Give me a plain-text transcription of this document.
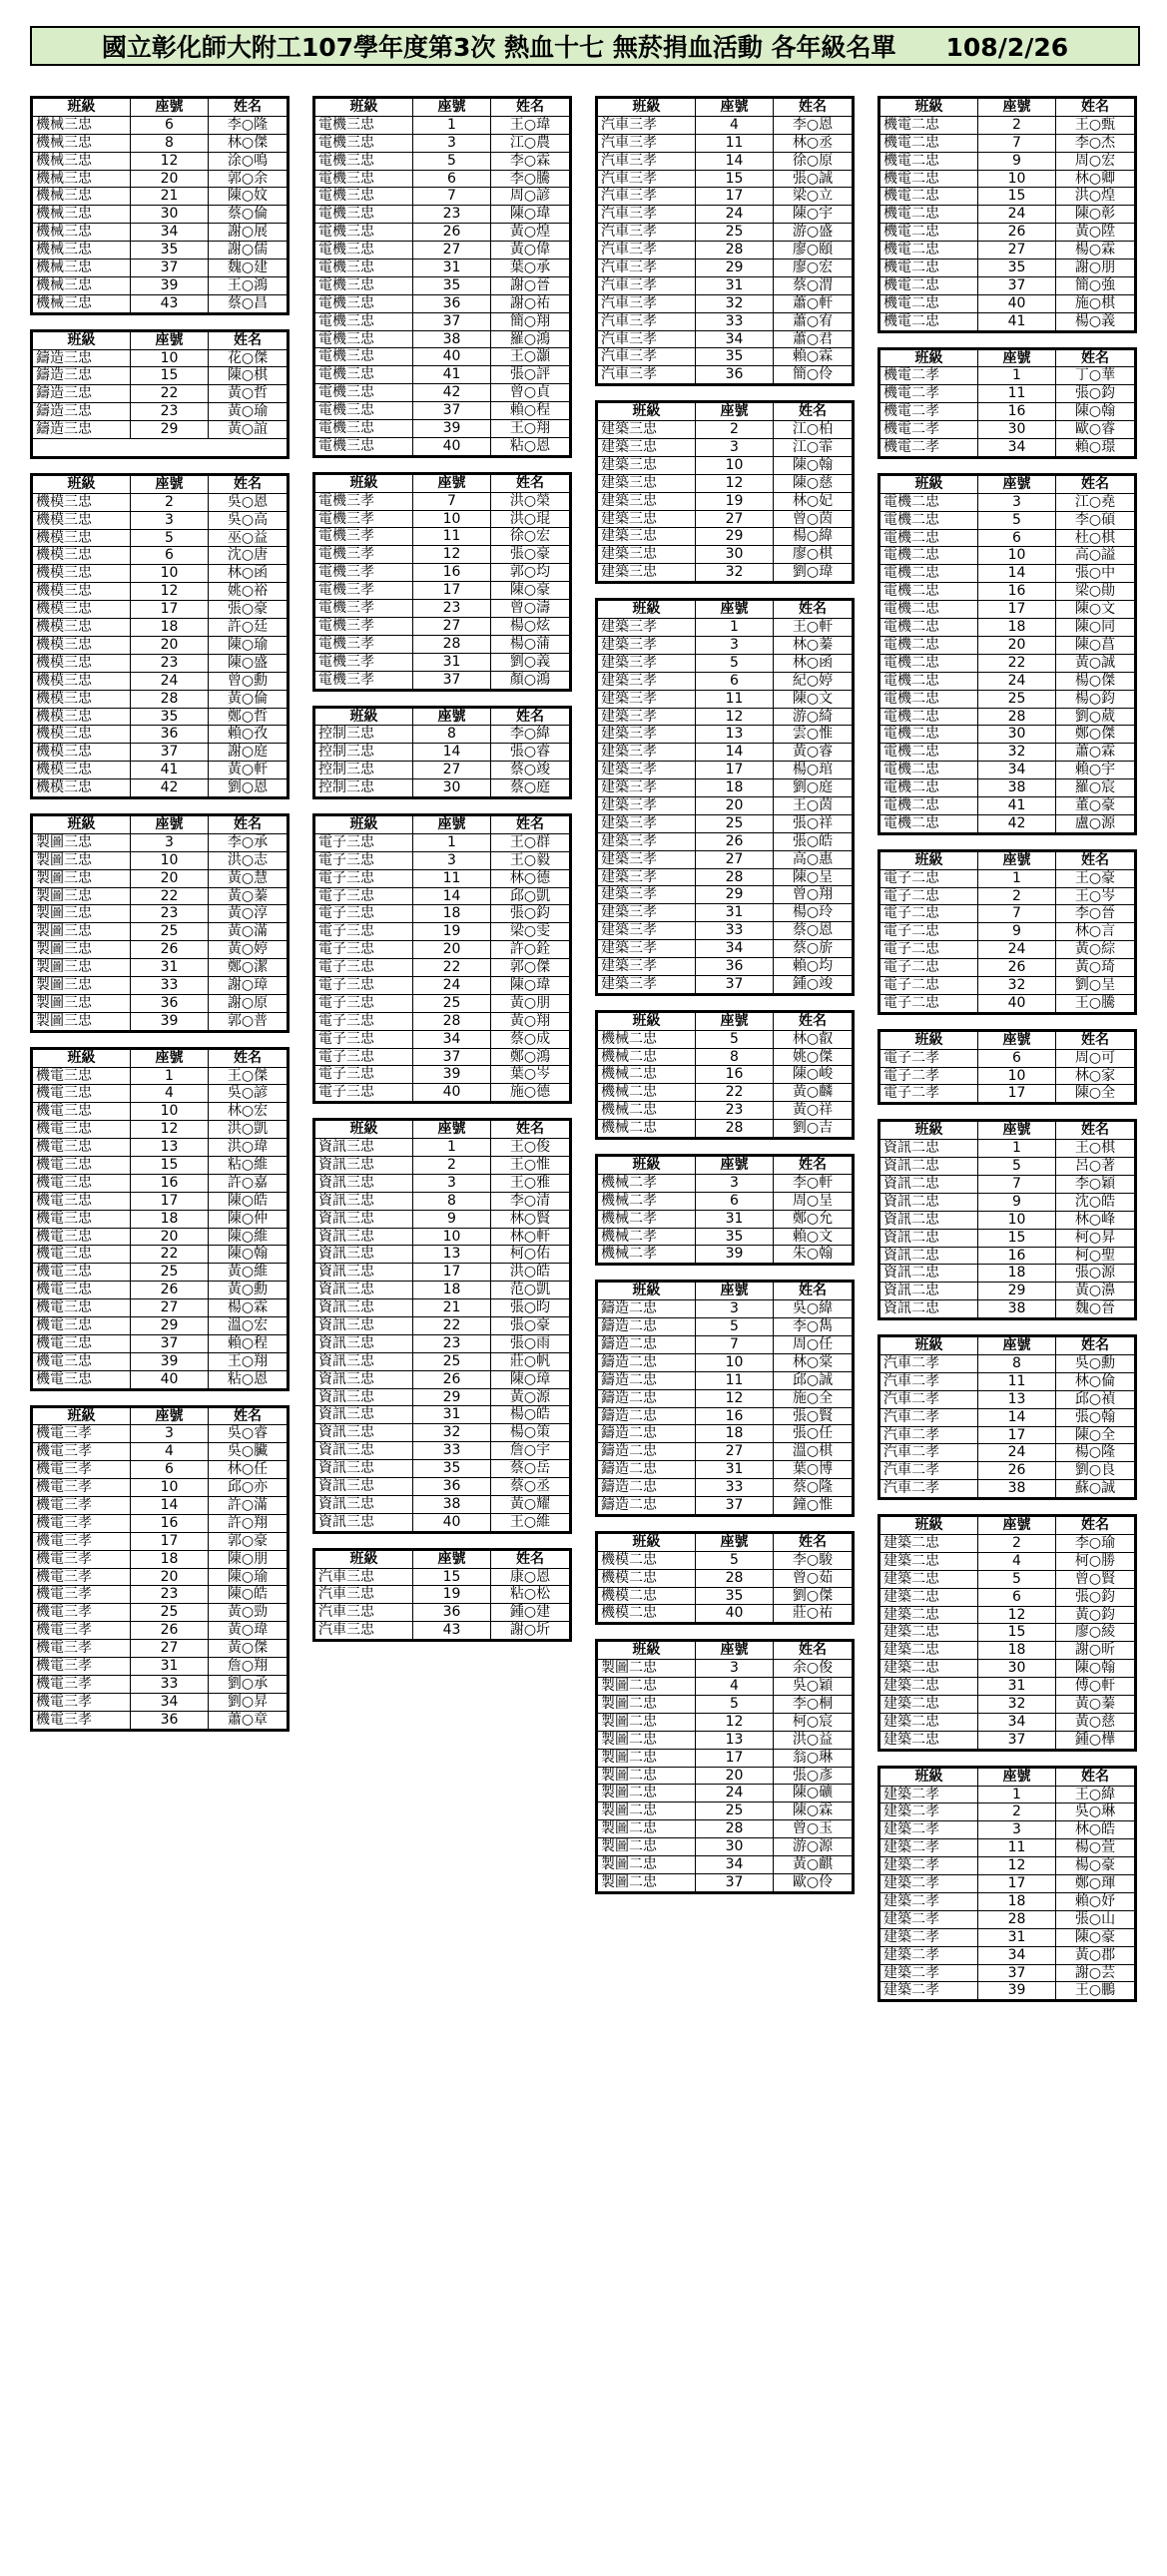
國立彰化師大附工107學年度第3次 熱血十七 無菸捐血活動 各年級名單　　108/2/26
班級	座號	姓名
機械三忠	6	李○隆
機械三忠	8	林○傑
機械三忠	12	涂○鳴
機械三忠	20	郭○余
機械三忠	21	陳○妏
機械三忠	30	蔡○倫
機械三忠	34	謝○展
機械三忠	35	謝○儒
機械三忠	37	魏○建
機械三忠	39	王○鴻
機械三忠	43	蔡○昌
班級	座號	姓名
鑄造三忠	10	花○傑
鑄造三忠	15	陳○棋
鑄造三忠	22	黃○哲
鑄造三忠	23	黃○瑜
鑄造三忠	29	黃○誼
班級	座號	姓名
機模三忠	2	吳○恩
機模三忠	3	吳○高
機模三忠	5	巫○益
機模三忠	6	沈○唐
機模三忠	10	林○函
機模三忠	12	姚○裕
機模三忠	17	張○豪
機模三忠	18	許○廷
機模三忠	20	陳○瑜
機模三忠	23	陳○盛
機模三忠	24	曾○勳
機模三忠	28	黃○倫
機模三忠	35	鄭○哲
機模三忠	36	賴○孜
機模三忠	37	謝○庭
機模三忠	41	黃○軒
機模三忠	42	劉○恩
班級	座號	姓名
製圖三忠	3	李○承
製圖三忠	10	洪○志
製圖三忠	20	黃○慧
製圖三忠	22	黃○蓁
製圖三忠	23	黃○淳
製圖三忠	25	黃○滿
製圖三忠	26	黃○婷
製圖三忠	31	鄭○潔
製圖三忠	33	謝○璋
製圖三忠	36	謝○原
製圖三忠	39	郭○普
班級	座號	姓名
機電三忠	1	王○傑
機電三忠	4	吳○諺
機電三忠	10	林○宏
機電三忠	12	洪○凱
機電三忠	13	洪○瑋
機電三忠	15	粘○維
機電三忠	16	許○嘉
機電三忠	17	陳○皓
機電三忠	18	陳○仲
機電三忠	20	陳○維
機電三忠	22	陳○翰
機電三忠	25	黃○維
機電三忠	26	黃○勳
機電三忠	27	楊○霖
機電三忠	29	溫○宏
機電三忠	37	賴○程
機電三忠	39	王○翔
機電三忠	40	粘○恩
班級	座號	姓名
機電三孝	3	吳○睿
機電三孝	4	吳○臟
機電三孝	6	林○任
機電三孝	10	邱○亦
機電三孝	14	許○滿
機電三孝	16	許○翔
機電三孝	17	郭○豪
機電三孝	18	陳○朋
機電三孝	20	陳○瑜
機電三孝	23	陳○皓
機電三孝	25	黃○勁
機電三孝	26	黃○瑋
機電三孝	27	黃○傑
機電三孝	31	詹○翔
機電三孝	33	劉○承
機電三孝	34	劉○昇
機電三孝	36	蕭○章
班級	座號	姓名
電機三忠	1	王○瑋
電機三忠	3	江○農
電機三忠	5	李○霖
電機三忠	6	李○騰
電機三忠	7	周○諺
電機三忠	23	陳○瑋
電機三忠	26	黃○煌
電機三忠	27	黃○偉
電機三忠	31	葉○承
電機三忠	35	謝○晉
電機三忠	36	謝○祐
電機三忠	37	簡○翔
電機三忠	38	羅○鴻
電機三忠	40	王○灝
電機三忠	41	張○評
電機三忠	42	曾○貞
電機三忠	37	賴○程
電機三忠	39	王○翔
電機三忠	40	粘○恩
班級	座號	姓名
電機三孝	7	洪○榮
電機三孝	10	洪○琨
電機三孝	11	徐○宏
電機三孝	12	張○豪
電機三孝	16	郭○均
電機三孝	17	陳○豪
電機三孝	23	曾○濤
電機三孝	27	楊○炫
電機三孝	28	楊○蒲
電機三孝	31	劉○義
電機三孝	37	顏○鴻
班級	座號	姓名
控制三忠	8	李○緯
控制三忠	14	張○睿
控制三忠	27	蔡○竣
控制三忠	30	蔡○庭
班級	座號	姓名
電子三忠	1	王○群
電子三忠	3	王○毅
電子三忠	11	林○德
電子三忠	14	邱○凱
電子三忠	18	張○鈞
電子三忠	19	梁○雯
電子三忠	20	許○銓
電子三忠	22	郭○傑
電子三忠	24	陳○瑋
電子三忠	25	黃○朋
電子三忠	28	黃○翔
電子三忠	34	蔡○成
電子三忠	37	鄭○鴻
電子三忠	39	葉○岑
電子三忠	40	施○德
班級	座號	姓名
資訊三忠	1	王○俊
資訊三忠	2	王○惟
資訊三忠	3	王○雅
資訊三忠	8	李○清
資訊三忠	9	林○賢
資訊三忠	10	林○軒
資訊三忠	13	柯○佑
資訊三忠	17	洪○皓
資訊三忠	18	范○凱
資訊三忠	21	張○昀
資訊三忠	22	張○豪
資訊三忠	23	張○雨
資訊三忠	25	莊○帆
資訊三忠	26	陳○璋
資訊三忠	29	黃○源
資訊三忠	31	楊○皓
資訊三忠	32	楊○策
資訊三忠	33	詹○宇
資訊三忠	35	蔡○岳
資訊三忠	36	蔡○丞
資訊三忠	38	黃○耀
資訊三忠	40	王○維
班級	座號	姓名
汽車三忠	15	康○恩
汽車三忠	19	粘○松
汽車三忠	36	鍾○建
汽車三忠	43	謝○圻
班級	座號	姓名
汽車三孝	4	李○恩
汽車三孝	11	林○丞
汽車三孝	14	徐○原
汽車三孝	15	張○誠
汽車三孝	17	梁○立
汽車三孝	24	陳○宇
汽車三孝	25	游○盛
汽車三孝	28	廖○頤
汽車三孝	29	廖○宏
汽車三孝	31	蔡○渭
汽車三孝	32	蕭○軒
汽車三孝	33	蕭○宥
汽車三孝	34	蕭○君
汽車三孝	35	賴○霖
汽車三孝	36	簡○伶
班級	座號	姓名
建築三忠	2	江○柏
建築三忠	3	江○霏
建築三忠	10	陳○翰
建築三忠	12	陳○慈
建築三忠	19	林○妃
建築三忠	27	曾○茵
建築三忠	29	楊○緯
建築三忠	30	廖○棋
建築三忠	32	劉○瑋
班級	座號	姓名
建築三孝	1	王○軒
建築三孝	3	林○蓁
建築三孝	5	林○函
建築三孝	6	紀○婷
建築三孝	11	陳○文
建築三孝	12	游○綺
建築三孝	13	雲○惟
建築三孝	14	黃○睿
建築三孝	17	楊○琯
建築三孝	18	劉○庭
建築三孝	20	王○茵
建築三孝	25	張○祥
建築三孝	26	張○皓
建築三孝	27	高○惠
建築三孝	28	陳○呈
建築三孝	29	曾○翔
建築三孝	31	楊○玲
建築三孝	33	蔡○恩
建築三孝	34	蔡○旂
建築三孝	36	賴○均
建築三孝	37	鍾○竣
班級	座號	姓名
機械二忠	5	林○叡
機械二忠	8	姚○傑
機械二忠	16	陳○峻
機械二忠	22	黃○麟
機械二忠	23	黃○祥
機械二忠	28	劉○吉
班級	座號	姓名
機械二孝	3	李○軒
機械二孝	6	周○呈
機械二孝	31	鄭○允
機械二孝	35	賴○文
機械二孝	39	朱○翰
班級	座號	姓名
鑄造二忠	3	吳○緯
鑄造二忠	5	李○雋
鑄造二忠	7	周○任
鑄造二忠	10	林○棠
鑄造二忠	11	邱○誠
鑄造二忠	12	施○全
鑄造二忠	16	張○賢
鑄造二忠	18	張○任
鑄造二忠	27	溫○棋
鑄造二忠	31	葉○博
鑄造二忠	33	蔡○隆
鑄造二忠	37	鐘○惟
班級	座號	姓名
機模二忠	5	李○駿
機模二忠	28	曾○茹
機模二忠	35	劉○傑
機模二忠	40	莊○祐
班級	座號	姓名
製圖二忠	3	余○俊
製圖二忠	4	吳○穎
製圖二忠	5	李○桐
製圖二忠	12	柯○宸
製圖二忠	13	洪○益
製圖二忠	17	翁○琳
製圖二忠	20	張○彥
製圖二忠	24	陳○礦
製圖二忠	25	陳○霖
製圖二忠	28	曾○玉
製圖二忠	30	游○源
製圖二忠	34	黃○麒
製圖二忠	37	歐○伶
班級	座號	姓名
機電二忠	2	王○甄
機電二忠	7	李○杰
機電二忠	9	周○宏
機電二忠	10	林○卿
機電二忠	15	洪○煌
機電二忠	24	陳○彰
機電二忠	26	黃○陞
機電二忠	27	楊○霖
機電二忠	35	謝○朋
機電二忠	37	簡○強
機電二忠	40	施○棋
機電二忠	41	楊○義
班級	座號	姓名
機電二孝	1	丁○華
機電二孝	11	張○鈞
機電二孝	16	陳○翰
機電二孝	30	歐○睿
機電二孝	34	賴○璟
班級	座號	姓名
電機二忠	3	江○堯
電機二忠	5	李○碩
電機二忠	6	杜○棋
電機二忠	10	高○謚
電機二忠	14	張○中
電機二忠	16	梁○勛
電機二忠	17	陳○文
電機二忠	18	陳○同
電機二忠	20	陳○菖
電機二忠	22	黃○誠
電機二忠	24	楊○傑
電機二忠	25	楊○鈞
電機二忠	28	劉○葳
電機二忠	30	鄭○傑
電機二忠	32	蕭○霖
電機二忠	34	賴○宇
電機二忠	38	羅○宸
電機二忠	41	董○豪
電機二忠	42	盧○源
班級	座號	姓名
電子二忠	1	王○豪
電子二忠	2	王○岑
電子二忠	7	李○晉
電子二忠	9	林○言
電子二忠	24	黃○綜
電子二忠	26	黃○琦
電子二忠	32	劉○呈
電子二忠	40	王○騰
班級	座號	姓名
電子二孝	6	周○可
電子二孝	10	林○家
電子二孝	17	陳○全
班級	座號	姓名
資訊二忠	1	王○棋
資訊二忠	5	呂○著
資訊二忠	7	李○穎
資訊二忠	9	沈○皓
資訊二忠	10	林○峰
資訊二忠	15	柯○昇
資訊二忠	16	柯○聖
資訊二忠	18	張○源
資訊二忠	29	黃○濞
資訊二忠	38	魏○晉
班級	座號	姓名
汽車二孝	8	吳○勳
汽車二孝	11	林○倫
汽車二孝	13	邱○禎
汽車二孝	14	張○翰
汽車二孝	17	陳○全
汽車二孝	24	楊○隆
汽車二孝	26	劉○良
汽車二孝	38	蘇○誠
班級	座號	姓名
建築二忠	2	李○瑜
建築二忠	4	柯○勝
建築二忠	5	曾○賢
建築二忠	6	張○鈞
建築二忠	12	黃○鈞
建築二忠	15	廖○綾
建築二忠	18	謝○昕
建築二忠	30	陳○翰
建築二忠	31	傅○軒
建築二忠	32	黃○蓁
建築二忠	34	黃○慈
建築二忠	37	鍾○樺
班級	座號	姓名
建築二孝	1	王○緯
建築二孝	2	吳○琳
建築二孝	3	林○皓
建築二孝	11	楊○萱
建築二孝	12	楊○豪
建築二孝	17	鄭○琿
建築二孝	18	賴○妤
建築二孝	28	張○山
建築二孝	31	陳○豪
建築二孝	34	黃○郡
建築二孝	37	謝○芸
建築二孝	39	王○鵬
